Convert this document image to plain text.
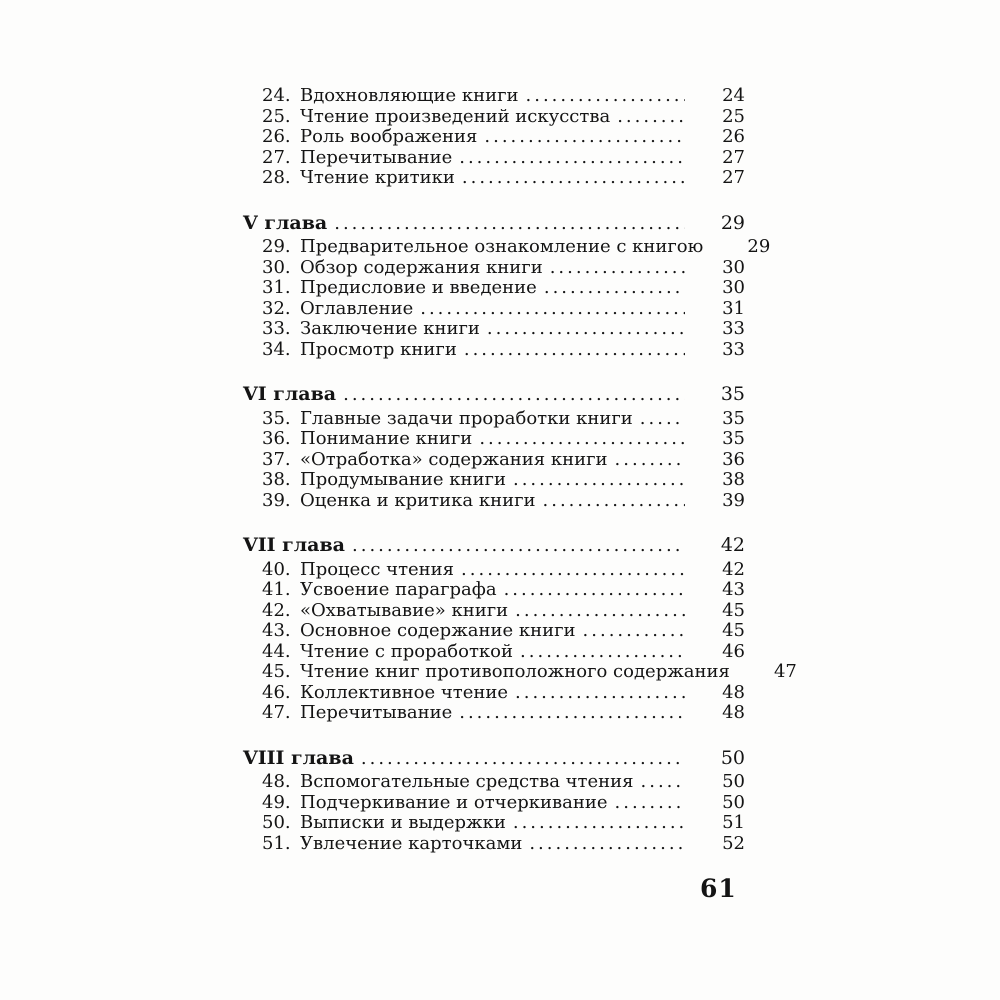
24. Вдохновляющие книги .....	24
25. Чтение произведений искусства .....	25
26. Роль воображения .....	26
27. Перечитывание .....	27
28. Чтение критики .....	27
V глава .....	29
29. Предварительное ознакомление с книгою .....	29
30. Обзор содержания книги .....	30
31. Предисловие и введение .....	30
32. Оглавление .....	31
33. Заключение книги .....	33
34. Просмотр книги .....	33
VI глава .....	35
35. Главные задачи проработки книги .....	35
36. Понимание книги .....	35
37. «Отработка» содержания книги .....	36
38. Продумывание книги .....	38
39. Оценка и критика книги .....	39
VII глава .....	42
40. Процесс чтения .....	42
41. Усвоение параграфа .....	43
42. «Охватывавие» книги .....	45
43. Основное содержание книги .....	45
44. Чтение с проработкой .....	46
45. Чтение книг противоположного содержания .....	47
46. Коллективное чтение .....	48
47. Перечитывание .....	48
VIII глава .....	50
48. Вспомогательные средства чтения .....	50
49. Подчеркивание и отчеркивание .....	50
50. Выписки и выдержки .....	51
51. Увлечение карточками .....	52
61
